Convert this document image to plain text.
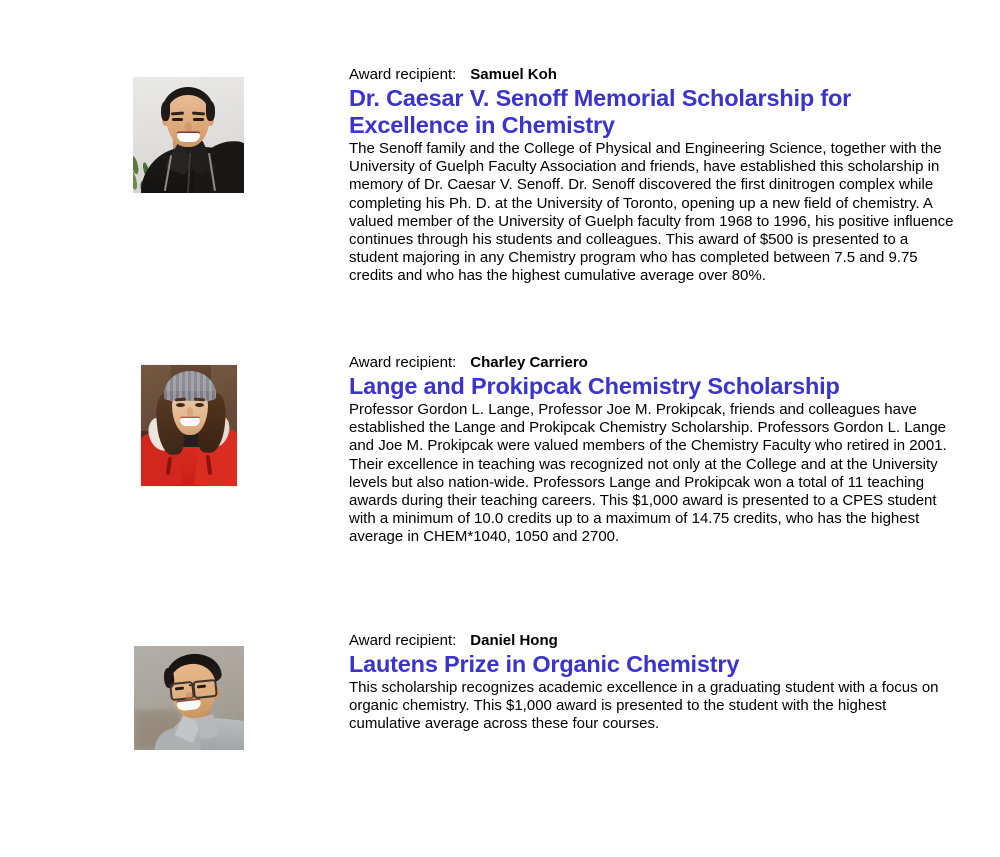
Award recipient: Samuel Koh

Dr. Caesar V. Senoff Memorial Scholarship for Excellence in Chemistry

The Senoff family and the College of Physical and Engineering Science, together with the University of Guelph Faculty Association and friends, have established this scholarship in memory of Dr. Caesar V. Senoff. Dr. Senoff discovered the first dinitrogen complex while completing his Ph. D. at the University of Toronto, opening up a new field of chemistry. A valued member of the University of Guelph faculty from 1968 to 1996, his positive influence continues through his students and colleagues. This award of $500 is presented to a student majoring in any Chemistry program who has completed between 7.5 and 9.75 credits and who has the highest cumulative average over 80%.

Award recipient: Charley Carriero

Lange and Prokipcak Chemistry Scholarship

Professor Gordon L. Lange, Professor Joe M. Prokipcak, friends and colleagues have established the Lange and Prokipcak Chemistry Scholarship. Professors Gordon L. Lange and Joe M. Prokipcak were valued members of the Chemistry Faculty who retired in 2001. Their excellence in teaching was recognized not only at the College and at the University levels but also nation-wide. Professors Lange and Prokipcak won a total of 11 teaching awards during their teaching careers. This $1,000 award is presented to a CPES student with a minimum of 10.0 credits up to a maximum of 14.75 credits, who has the highest average in CHEM*1040, 1050 and 2700.

Award recipient: Daniel Hong

Lautens Prize in Organic Chemistry

This scholarship recognizes academic excellence in a graduating student with a focus on organic chemistry. This $1,000 award is presented to the student with the highest cumulative average across these four courses.
